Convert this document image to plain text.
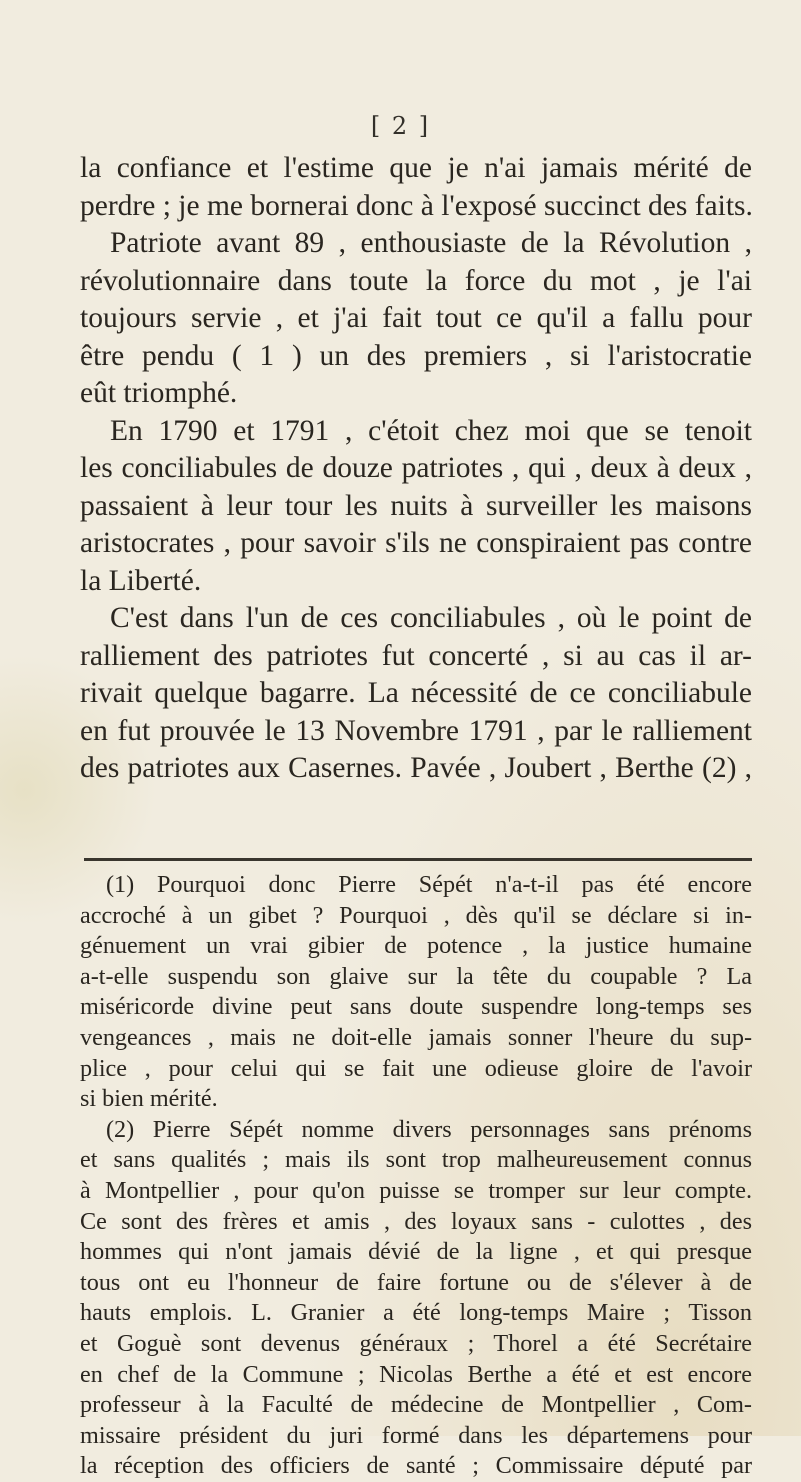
[ 2 ]

la confiance et l'estime que je n'ai jamais mérité de
perdre ; je me bornerai donc à l'exposé succinct des faits.

Patriote avant 89 , enthousiaste de la Révolution ,
révolutionnaire dans toute la force du mot , je l'ai
toujours servie , et j'ai fait tout ce qu'il a fallu pour
être pendu ( 1 ) un des premiers , si l'aristocratie
eût triomphé.

En 1790 et 1791 , c'étoit chez moi que se tenoit
les conciliabules de douze patriotes , qui , deux à deux ,
passaient à leur tour les nuits à surveiller les maisons
aristocrates , pour savoir s'ils ne conspiraient pas contre
la Liberté.

C'est dans l'un de ces conciliabules , où le point de
ralliement des patriotes fut concerté , si au cas il ar-
rivait quelque bagarre. La nécessité de ce conciliabule
en fut prouvée le 13 Novembre 1791 , par le ralliement
des patriotes aux Casernes. Pavée , Joubert , Berthe (2) ,

(1) Pourquoi donc Pierre Sépét n'a-t-il pas été encore
accroché à un gibet ? Pourquoi , dès qu'il se déclare si in-
génuement un vrai gibier de potence , la justice humaine
a-t-elle suspendu son glaive sur la tête du coupable ? La
miséricorde divine peut sans doute suspendre long-temps ses
vengeances , mais ne doit-elle jamais sonner l'heure du sup-
plice , pour celui qui se fait une odieuse gloire de l'avoir
si bien mérité.

(2) Pierre Sépét nomme divers personnages sans prénoms
et sans qualités ; mais ils sont trop malheureusement connus
à Montpellier , pour qu'on puisse se tromper sur leur compte.
Ce sont des frères et amis , des loyaux sans - culottes , des
hommes qui n'ont jamais dévié de la ligne , et qui presque
tous ont eu l'honneur de faire fortune ou de s'élever à de
hauts emplois. L. Granier a été long-temps Maire ; Tisson
et Goguè sont devenus généraux ; Thorel a été Secrétaire
en chef de la Commune ; Nicolas Berthe a été et est encore
professeur à la Faculté de médecine de Montpellier , Com-
missaire président du juri formé dans les départemens pour
la réception des officiers de santé ; Commissaire député par
